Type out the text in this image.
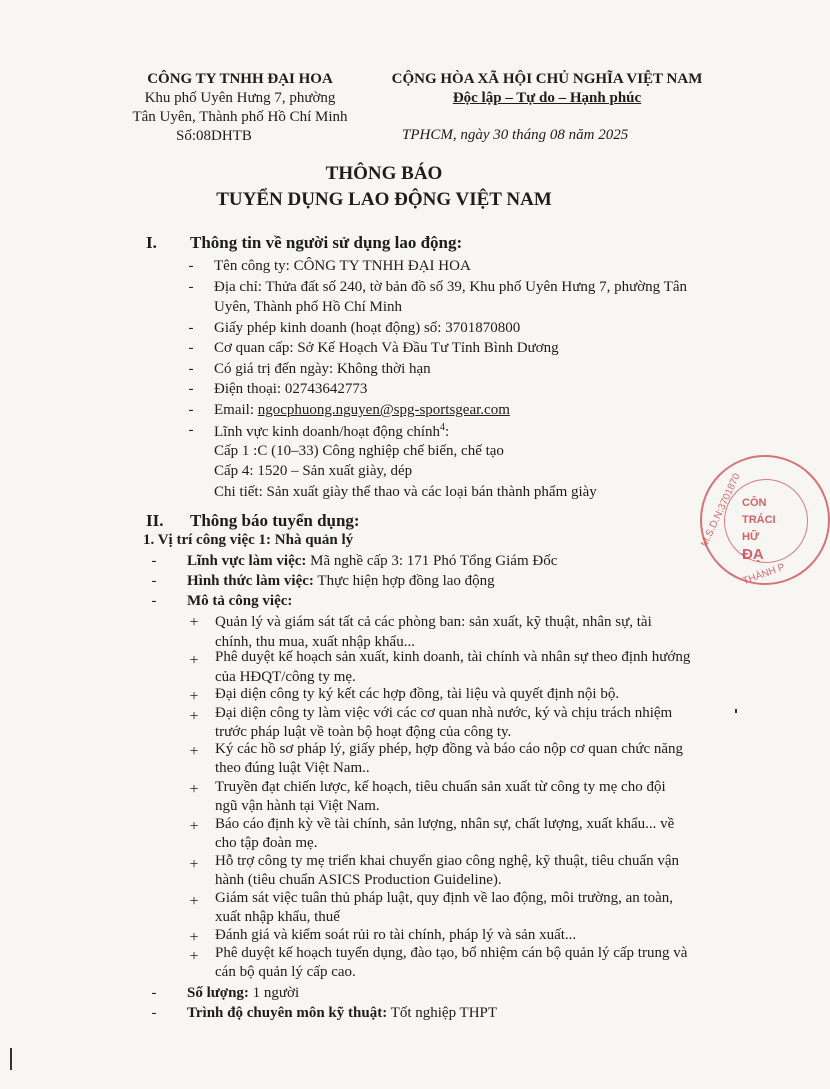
CÔNG TY TNHH ĐẠI HOA
Khu phố Uyên Hưng 7, phường
Tân Uyên, Thành phố Hồ Chí Minh
Số:08DHTB
CỘNG HÒA XÃ HỘI CHỦ NGHĨA VIỆT NAM
Độc lập – Tự do – Hạnh phúc
TPHCM, ngày 30 tháng 08 năm 2025
THÔNG BÁO
TUYỂN DỤNG LAO ĐỘNG VIỆT NAM
I. Thông tin về người sử dụng lao động:
-	Tên công ty: CÔNG TY TNHH ĐẠI HOA
-	Địa chỉ: Thửa đất số 240, tờ bản đồ số 39, Khu phố Uyên Hưng 7, phường Tân
Uyên, Thành phố Hồ Chí Minh
-	Giấy phép kinh doanh (hoạt động) số: 3701870800
-	Cơ quan cấp: Sở Kế Hoạch Và Đầu Tư Tỉnh Bình Dương
-	Có giá trị đến ngày: Không thời hạn
-	Điện thoại: 02743642773
-	Email: ngocphuong.nguyen@spg-sportsgear.com
-	Lĩnh vực kinh doanh/hoạt động chính$^4$:
Cấp 1 :C (10–33) Công nghiệp chế biến, chế tạo
Cấp 4: 1520 – Sản xuất giày, dép
Chi tiết: Sản xuất giày thể thao và các loại bán thành phẩm giày
II. Thông báo tuyển dụng:
1. Vị trí công việc 1: Nhà quản lý
-	Lĩnh vực làm việc: Mã nghề cấp 3: 171 Phó Tổng Giám Đốc
-	Hình thức làm việc: Thực hiện hợp đồng lao động
-	Mô tả công việc:
+ Quản lý và giám sát tất cả các phòng ban: sản xuất, kỹ thuật, nhân sự, tài
chính, thu mua, xuất nhập khẩu...
+ Phê duyệt kế hoạch sản xuất, kinh doanh, tài chính và nhân sự theo định hướng
của HĐQT/công ty mẹ.
+ Đại diện công ty ký kết các hợp đồng, tài liệu và quyết định nội bộ.
+ Đại diện công ty làm việc với các cơ quan nhà nước, ký và chịu trách nhiệm
trước pháp luật về toàn bộ hoạt động của công ty.
+ Ký các hồ sơ pháp lý, giấy phép, hợp đồng và báo cáo nộp cơ quan chức năng
theo đúng luật Việt Nam..
+ Truyền đạt chiến lược, kế hoạch, tiêu chuẩn sản xuất từ công ty mẹ cho đội
ngũ vận hành tại Việt Nam.
+ Báo cáo định kỳ về tài chính, sản lượng, nhân sự, chất lượng, xuất khẩu... về
cho tập đoàn mẹ.
+ Hỗ trợ công ty mẹ triển khai chuyển giao công nghệ, kỹ thuật, tiêu chuẩn vận
hành (tiêu chuẩn ASICS Production Guideline).
+ Giám sát việc tuân thủ pháp luật, quy định về lao động, môi trường, an toàn,
xuất nhập khẩu, thuế
+ Đánh giá và kiểm soát rủi ro tài chính, pháp lý và sản xuất...
+ Phê duyệt kế hoạch tuyển dụng, đào tạo, bổ nhiệm cán bộ quản lý cấp trung và
cán bộ quản lý cấp cao.
-	Số lượng: 1 người
-	Trình độ chuyên môn kỹ thuật: Tốt nghiệp THPT
M.S.D.N:3701870 CÔN
TRÁCI
HỮ
ĐẠ
THÀNH P
